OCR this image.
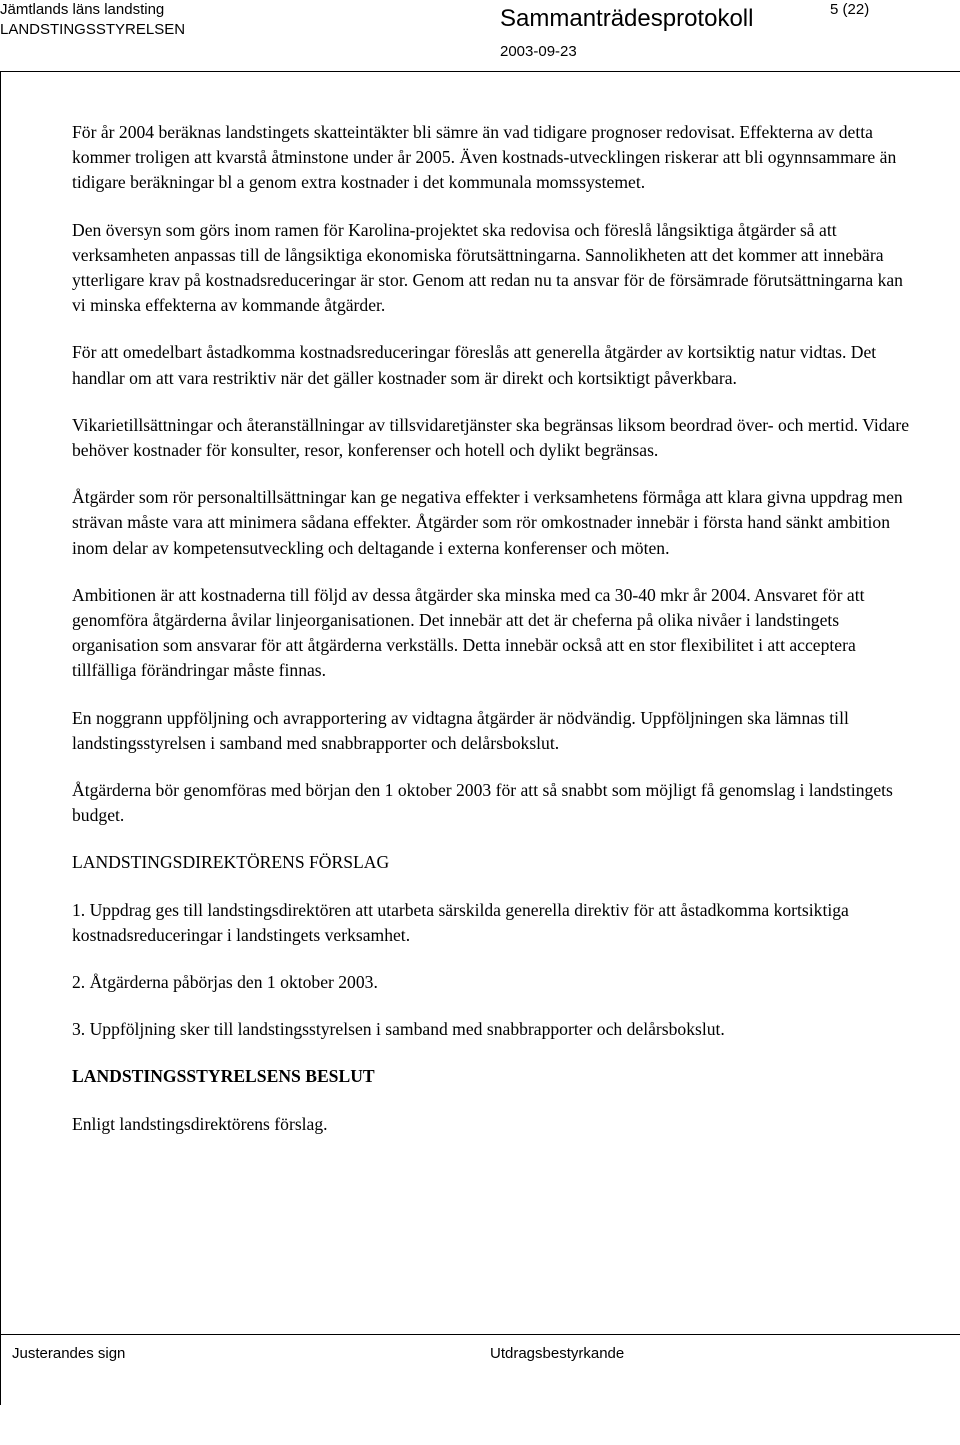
Jämtlands läns landsting
LANDSTINGSSTYRELSEN	Sammanträdesprotokoll	5 (22)
2003-09-23

För år 2004 beräknas landstingets skatteintäkter bli sämre än vad tidigare prognoser redovisat. Effekterna av detta kommer troligen att kvarstå åtminstone under år 2005. Även kostnads-utvecklingen riskerar att bli ogynnsammare än tidigare beräkningar bl a genom extra kostnader i det kommunala momssystemet.

Den översyn som görs inom ramen för Karolina-projektet ska redovisa och föreslå långsiktiga åtgärder så att verksamheten anpassas till de långsiktiga ekonomiska förutsättningarna. Sannolikheten att det kommer att innebära ytterligare krav på kostnadsreduceringar är stor. Genom att redan nu ta ansvar för de försämrade förutsättningarna kan vi minska effekterna av kommande åtgärder.

För att omedelbart åstadkomma kostnadsreduceringar föreslås att generella åtgärder av kortsiktig natur vidtas. Det handlar om att vara restriktiv när det gäller kostnader som är direkt och kortsiktigt påverkbara.

Vikarietillsättningar och återanställningar av tillsvidaretjänster ska begränsas liksom beordrad över- och mertid. Vidare behöver kostnader för konsulter, resor, konferenser och hotell och dylikt begränsas.

Åtgärder som rör personaltillsättningar kan ge negativa effekter i verksamhetens förmåga att klara givna uppdrag men strävan måste vara att minimera sådana effekter. Åtgärder som rör omkostnader innebär i första hand sänkt ambition inom delar av kompetensutveckling och deltagande i externa konferenser och möten.

Ambitionen är att kostnaderna till följd av dessa åtgärder ska minska med ca 30-40 mkr år 2004. Ansvaret för att genomföra åtgärderna åvilar linjeorganisationen. Det innebär att det är cheferna på olika nivåer i landstingets organisation som ansvarar för att åtgärderna verkställs. Detta innebär också att en stor flexibilitet i att acceptera tillfälliga förändringar måste finnas.

En noggrann uppföljning och avrapportering av vidtagna åtgärder är nödvändig. Uppföljningen ska lämnas till landstingsstyrelsen i samband med snabbrapporter och delårsbokslut.

Åtgärderna bör genomföras med början den 1 oktober 2003 för att så snabbt som möjligt få genomslag i landstingets budget.

LANDSTINGSDIREKTÖRENS FÖRSLAG

1. Uppdrag ges till landstingsdirektören att utarbeta särskilda generella direktiv för att åstadkomma kortsiktiga kostnadsreduceringar i landstingets verksamhet.

2. Åtgärderna påbörjas den 1 oktober 2003.

3. Uppföljning sker till landstingsstyrelsen i samband med snabbrapporter och delårsbokslut.

LANDSTINGSSTYRELSENS BESLUT

Enligt landstingsdirektörens förslag.

Justerandes sign	Utdragsbestyrkande
